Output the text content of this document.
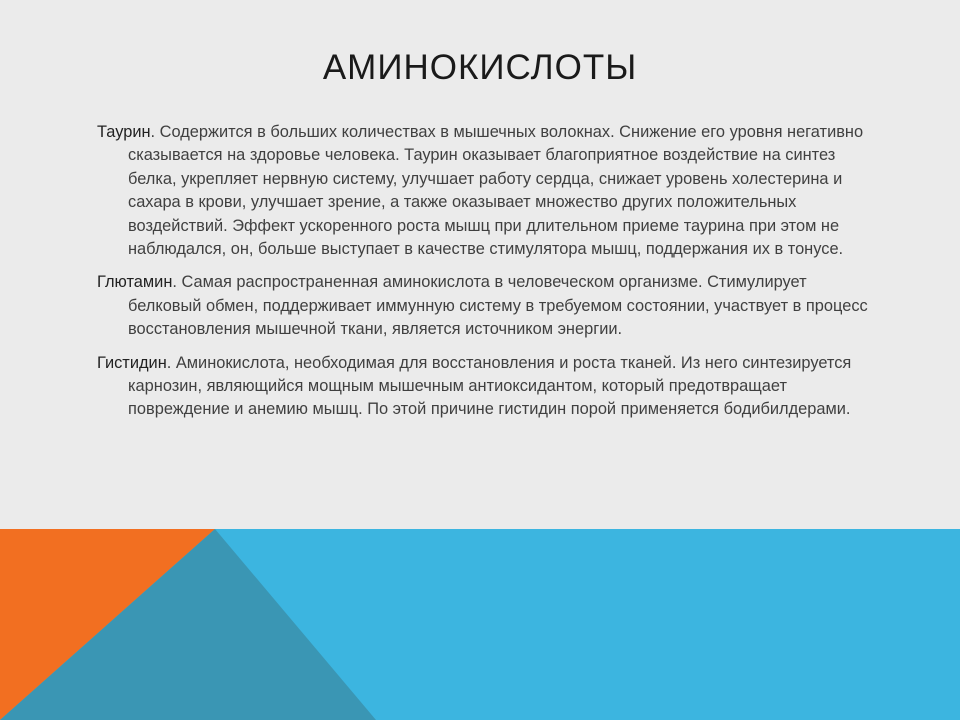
АМИНОКИСЛОТЫ

Таурин. Содержится в больших количествах в мышечных волокнах. Снижение его уровня негативно сказывается на здоровье человека. Таурин оказывает благоприятное воздействие на синтез белка, укрепляет нервную систему, улучшает работу сердца, снижает уровень холестерина и сахара в крови, улучшает зрение, а также оказывает множество других положительных воздействий. Эффект ускоренного роста мышц при длительном приеме таурина при этом не наблюдался, он, больше выступает в качестве стимулятора мышц, поддержания их в тонусе.

Глютамин. Самая распространенная аминокислота в человеческом организме. Стимулирует белковый обмен, поддерживает иммунную систему в требуемом состоянии, участвует в процесс восстановления мышечной ткани, является источником энергии.

Гистидин. Аминокислота, необходимая для восстановления и роста тканей. Из него синтезируется карнозин, являющийся мощным мышечным антиоксидантом, который предотвращает повреждение и анемию мышц. По этой причине гистидин порой применяется бодибилдерами.
